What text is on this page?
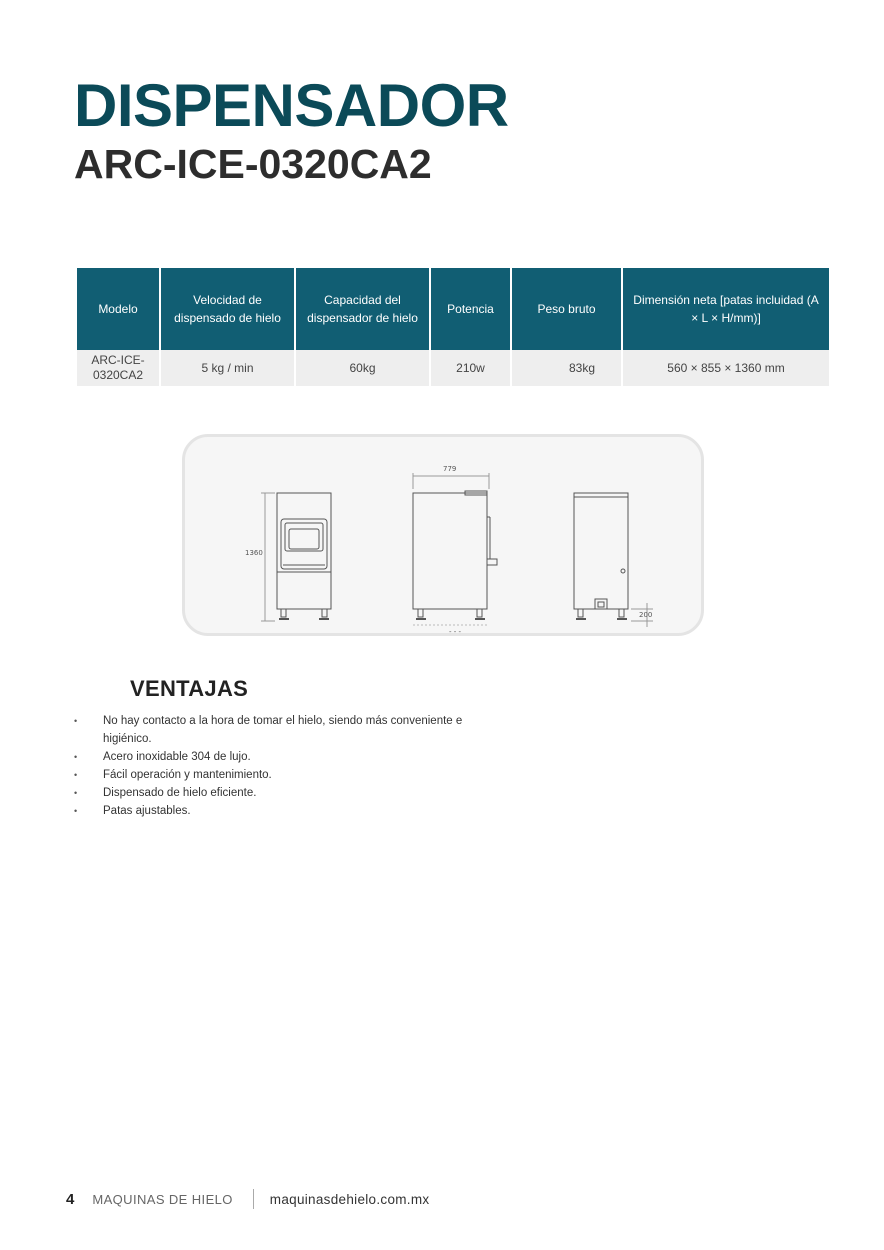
DISPENSADOR
ARC-ICE-0320CA2
Modelo	Velocidad de dispensado de hielo	Capacidad del dispensador de hielo	Potencia	Peso bruto	Dimensión neta [patas incluidad (A × L × H/mm)]
ARC-ICE-0320CA2	5 kg / min	60kg	210w	83kg	560 × 855 × 1360 mm
1360
779
200
- - -
VENTAJAS
• No hay contacto a la hora de tomar el hielo, siendo más conveniente e higiénico.
• Acero inoxidable 304 de lujo.
• Fácil operación y mantenimiento.
• Dispensado de hielo eficiente.
• Patas ajustables.
4 MAQUINAS DE HIELO	maquinasdehielo.com.mx
